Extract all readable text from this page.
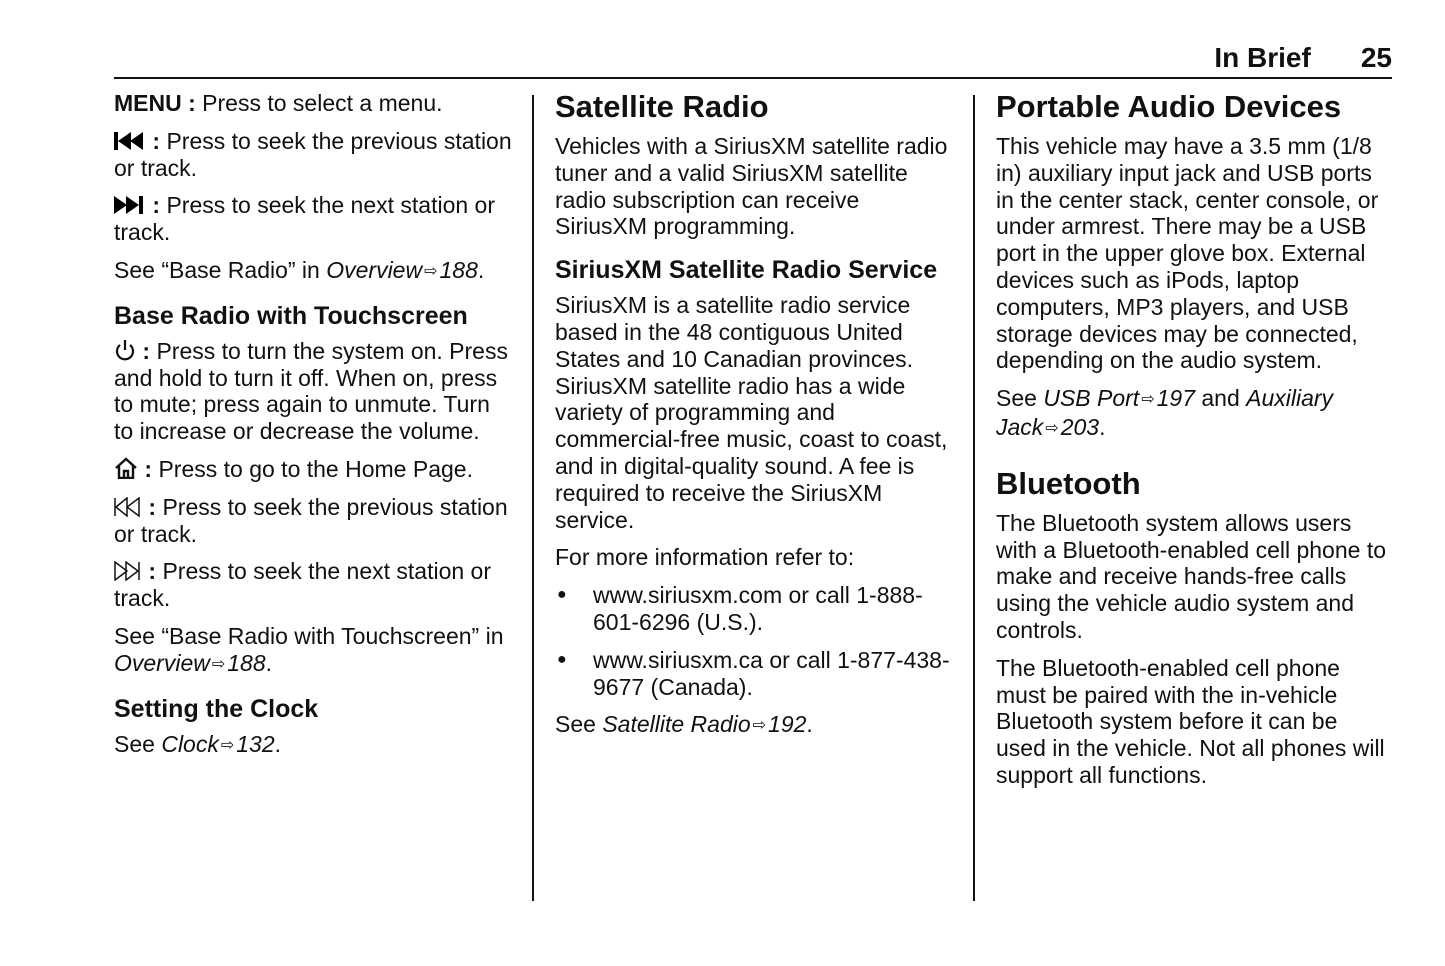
In Brief 25

MENU : Press to select a menu.

: Press to seek the previous station or track.

: Press to seek the next station or track.

See “Base Radio” in Overview ⇨188.

Base Radio with Touchscreen

: Press to turn the system on. Press and hold to turn it off. When on, press to mute; press again to unmute. Turn to increase or decrease the volume.

: Press to go to the Home Page.

: Press to seek the previous station or track.

: Press to seek the next station or track.

See “Base Radio with Touchscreen” in Overview ⇨188.

Setting the Clock

See Clock ⇨132.

Satellite Radio

Vehicles with a SiriusXM satellite radio tuner and a valid SiriusXM satellite radio subscription can receive SiriusXM programming.

SiriusXM Satellite Radio Service

SiriusXM is a satellite radio service based in the 48 contiguous United States and 10 Canadian provinces. SiriusXM satellite radio has a wide variety of programming and commercial-free music, coast to coast, and in digital-quality sound. A fee is required to receive the SiriusXM service.

For more information refer to:

● www.siriusxm.com or call 1-888-601-6296 (U.S.).
● www.siriusxm.ca or call 1-877-438-9677 (Canada).

See Satellite Radio ⇨192.

Portable Audio Devices

This vehicle may have a 3.5 mm (1/8 in) auxiliary input jack and USB ports in the center stack, center console, or under armrest. There may be a USB port in the upper glove box. External devices such as iPods, laptop computers, MP3 players, and USB storage devices may be connected, depending on the audio system.

See USB Port ⇨197 and Auxiliary Jack ⇨203.

Bluetooth

The Bluetooth system allows users with a Bluetooth-enabled cell phone to make and receive hands-free calls using the vehicle audio system and controls.

The Bluetooth-enabled cell phone must be paired with the in-vehicle Bluetooth system before it can be used in the vehicle. Not all phones will support all functions.
